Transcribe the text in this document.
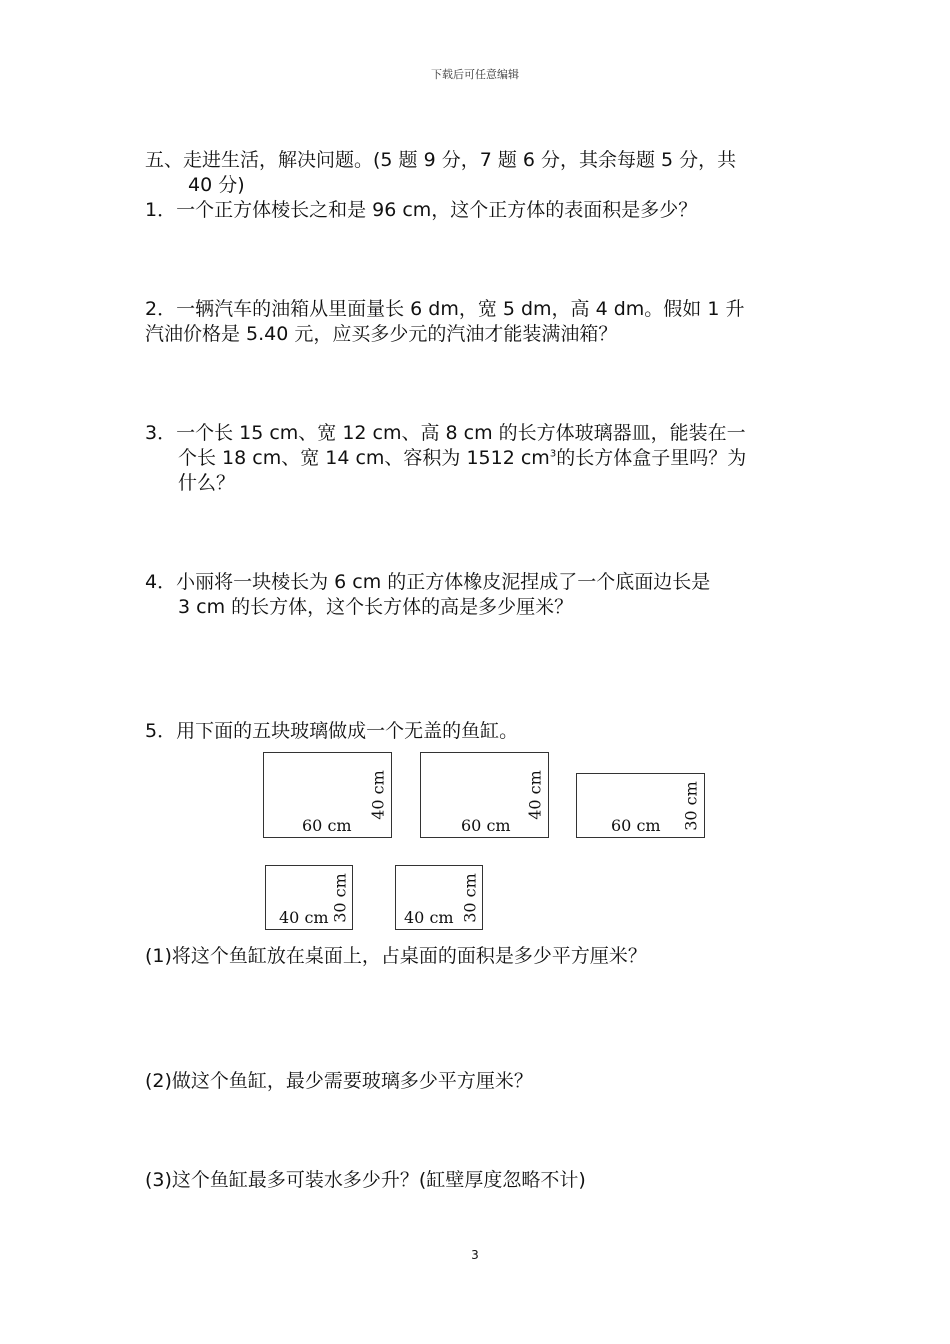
下载后可任意编辑
五、走进生活，解决问题。(5 题 9 分，7 题 6 分，其余每题 5 分，共
40 分)
1．一个正方体棱长之和是 96 cm，这个正方体的表面积是多少？
2．一辆汽车的油箱从里面量长 6 dm，宽 5 dm，高 4 dm。假如 1 升
汽油价格是 5.40 元，应买多少元的汽油才能装满油箱？
3．一个长 15 cm、宽 12 cm、高 8 cm 的长方体玻璃器皿，能装在一
个长 18 cm、宽 14 cm、容积为 1512 $cm^3$的长方体盒子里吗？为
什么？
4．小丽将一块棱长为 6 cm 的正方体橡皮泥捏成了一个底面边长是
3 cm 的长方体，这个长方体的高是多少厘米？
5．用下面的五块玻璃做成一个无盖的鱼缸。
60 cm
40 cm
60 cm
40 cm
60 cm 30 cm
40 cm 30 cm	40 cm 30 cm
(1)将这个鱼缸放在桌面上，占桌面的面积是多少平方厘米？
(2)做这个鱼缸，最少需要玻璃多少平方厘米？
(3)这个鱼缸最多可装水多少升？(缸壁厚度忽略不计)
3
